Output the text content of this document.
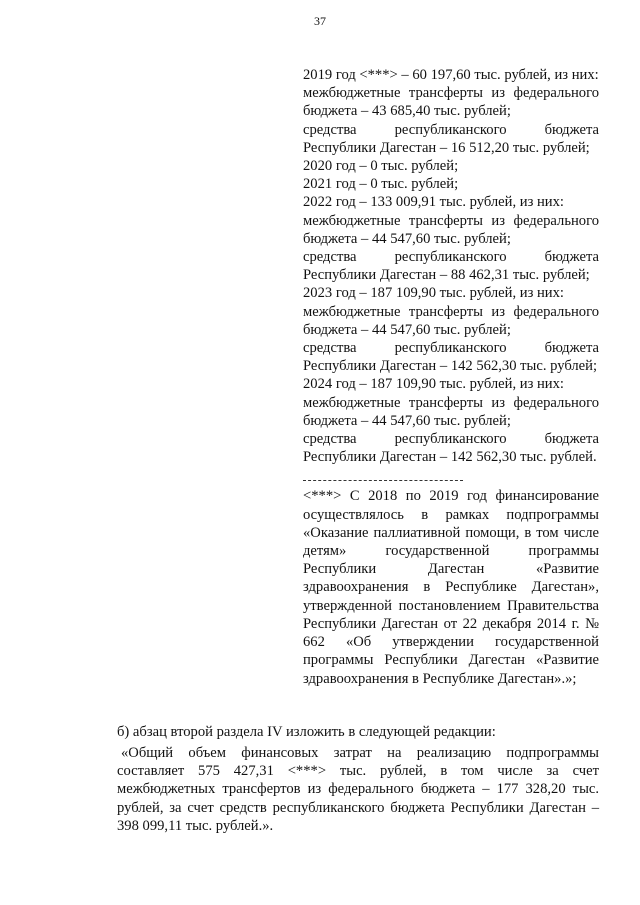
37

2019 год <***> – 60 197,60 тыс. рублей, из них:

межбюджетные трансферты из федерального бюджета – 43 685,40 тыс. рублей;

средства республиканского бюджета Республики Дагестан – 16 512,20 тыс. рублей;

2020 год – 0 тыс. рублей;

2021 год – 0 тыс. рублей;

2022 год – 133 009,91 тыс. рублей, из них:

межбюджетные трансферты из федерального бюджета – 44 547,60 тыс. рублей;

средства республиканского бюджета Республики Дагестан – 88 462,31 тыс. рублей;

2023 год – 187 109,90 тыс. рублей, из них:

межбюджетные трансферты из федерального бюджета – 44 547,60 тыс. рублей;

средства республиканского бюджета Республики Дагестан – 142 562,30 тыс. рублей;

2024 год – 187 109,90 тыс. рублей, из них:

межбюджетные трансферты из федерального бюджета – 44 547,60 тыс. рублей;

средства республиканского бюджета Республики Дагестан – 142 562,30 тыс. рублей.

<***> С 2018 по 2019 год финансирование осуществлялось в рамках подпрограммы «Оказание паллиативной помощи, в том числе детям» государственной программы Республики Дагестан «Развитие здравоохранения в Республике Дагестан», утвержденной постановлением Правительства Республики Дагестан от 22 декабря 2014 г. № 662 «Об утверждении государственной программы Республики Дагестан «Развитие здравоохранения в Республике Дагестан».»;

б) абзац второй раздела IV изложить в следующей редакции:

«Общий объем финансовых затрат на реализацию подпрограммы составляет 575 427,31 <***> тыс. рублей, в том числе за счет межбюджетных трансфертов из федерального бюджета – 177 328,20 тыс. рублей, за счет средств республиканского бюджета Республики Дагестан – 398 099,11 тыс. рублей.».
